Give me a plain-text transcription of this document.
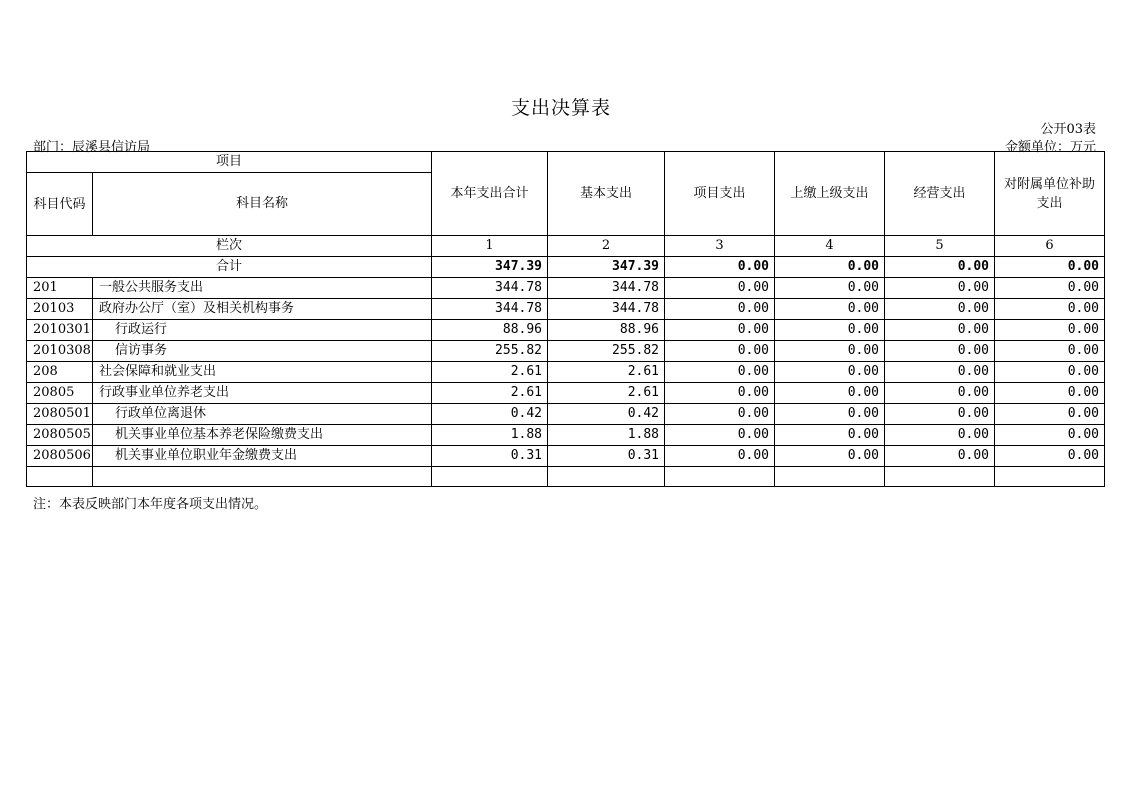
支出决算表
公开03表
部门：辰溪县信访局	金额单位：万元
项目		本年支出合计	基本支出	项目支出	上缴上级支出	经营支出	对附属单位补助支出
科目代码	科目名称						
栏次		1	2	3	4	5	6
合计		347.39	347.39	0.00	0.00	0.00	0.00
201	一般公共服务支出	344.78	344.78	0.00	0.00	0.00	0.00
20103	政府办公厅（室）及相关机构事务	344.78	344.78	0.00	0.00	0.00	0.00
2010301	行政运行	88.96	88.96	0.00	0.00	0.00	0.00
2010308	信访事务	255.82	255.82	0.00	0.00	0.00	0.00
208	社会保障和就业支出	2.61	2.61	0.00	0.00	0.00	0.00
20805	行政事业单位养老支出	2.61	2.61	0.00	0.00	0.00	0.00
2080501	行政单位离退休	0.42	0.42	0.00	0.00	0.00	0.00
2080505	机关事业单位基本养老保险缴费支出	1.88	1.88	0.00	0.00	0.00	0.00
2080506	机关事业单位职业年金缴费支出	0.31	0.31	0.00	0.00	0.00	0.00

注：本表反映部门本年度各项支出情况。
